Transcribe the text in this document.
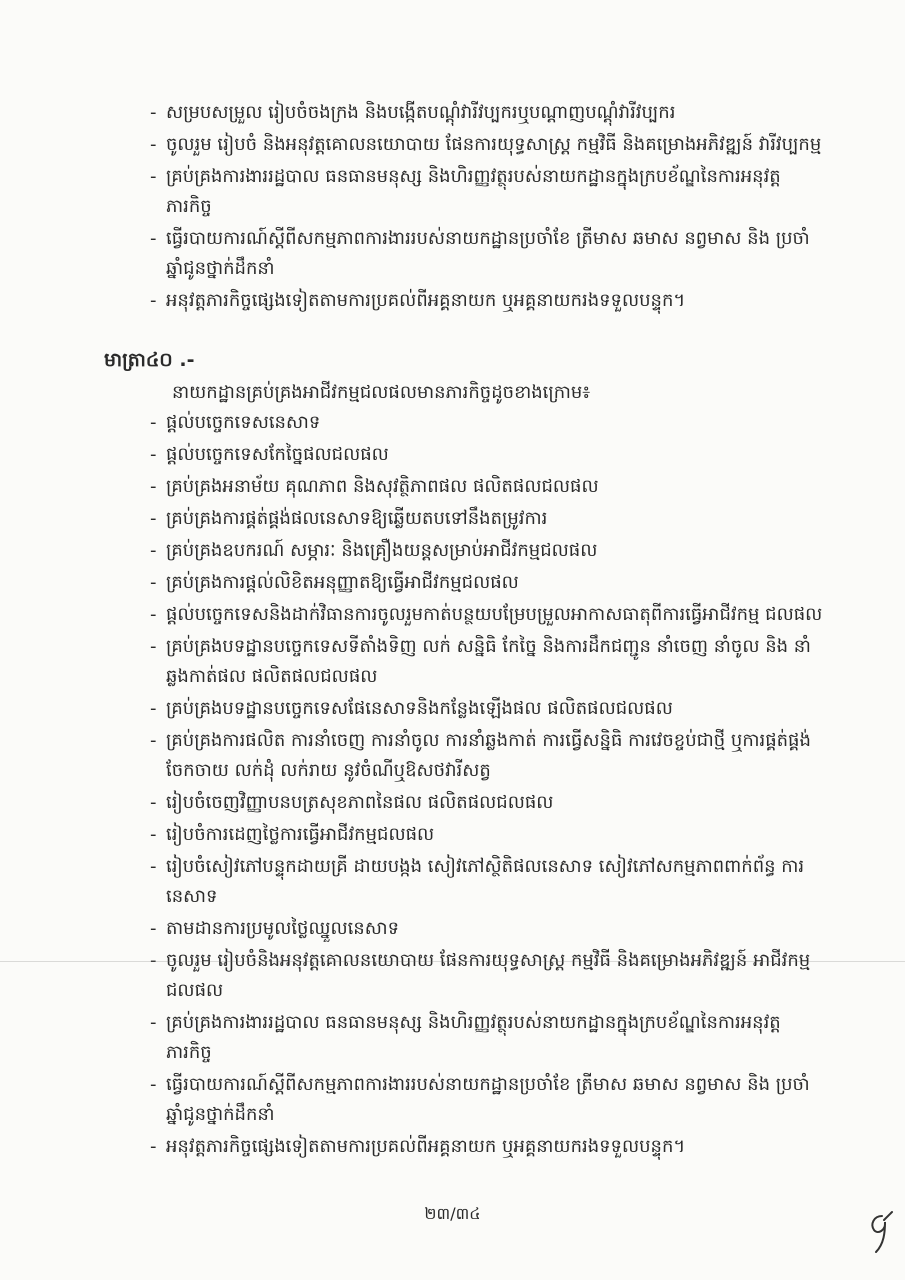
- សម្របសម្រួល រៀបចំចងក្រង និងបង្កើតបណ្តុំវារីវប្បករឬបណ្តាញបណ្តុំវារីវប្បករ
- ចូលរួម រៀបចំ និងអនុវត្តគោលនយោបាយ ផែនការយុទ្ធសាស្ត្រ កម្មវិធី និងគម្រោងអភិវឌ្ឍន៍ វារីវប្បកម្ម
- គ្រប់គ្រងការងាររដ្ឋបាល ធនធានមនុស្ស និងហិរញ្ញវត្ថុរបស់នាយកដ្ឋានក្នុងក្របខ័ណ្ឌនៃការអនុវត្ត ភារកិច្ច
- ធ្វើរបាយការណ៍ស្តីពីសកម្មភាពការងាររបស់នាយកដ្ឋានប្រចាំខែ ត្រីមាស ឆមាស នព្វមាស និង ប្រចាំឆ្នាំជូនថ្នាក់ដឹកនាំ
- អនុវត្តភារកិច្ចផ្សេងទៀតតាមការប្រគល់ពីអគ្គនាយក ឬអគ្គនាយករងទទួលបន្ទុក។
មាត្រា៤០ .-
នាយកដ្ឋានគ្រប់គ្រងអាជីវកម្មជលផលមានភារកិច្ចដូចខាងក្រោម៖
- ផ្តល់បច្ចេកទេសនេសាទ
- ផ្តល់បច្ចេកទេសកែច្នៃផលជលផល
- គ្រប់គ្រងអនាម័យ គុណភាព និងសុវត្ថិភាពផល ផលិតផលជលផល
- គ្រប់គ្រងការផ្គត់ផ្គង់ផលនេសាទឱ្យឆ្លើយតបទៅនឹងតម្រូវការ
- គ្រប់គ្រងឧបករណ៍ សម្ភារៈ និងគ្រឿងយន្តសម្រាប់អាជីវកម្មជលផល
- គ្រប់គ្រងការផ្តល់លិខិតអនុញ្ញាតឱ្យធ្វើអាជីវកម្មជលផល
- ផ្តល់បច្ចេកទេសនិងដាក់វិធានការចូលរួមកាត់បន្ថយបម្រែបម្រួលអាកាសធាតុពីការធ្វើអាជីវកម្ម ជលផល
- គ្រប់គ្រងបទដ្ឋានបច្ចេកទេសទីតាំងទិញ លក់ សន្និធិ កែច្នៃ និងការដឹកជញ្ជូន នាំចេញ នាំចូល និង នាំឆ្លងកាត់ផល ផលិតផលជលផល
- គ្រប់គ្រងបទដ្ឋានបច្ចេកទេសផែនេសាទនិងកន្លែងឡើងផល ផលិតផលជលផល
- គ្រប់គ្រងការផលិត ការនាំចេញ ការនាំចូល ការនាំឆ្លងកាត់ ការធ្វើសន្និធិ ការវេចខ្ចប់ជាថ្មី ឬការផ្គត់ផ្គង់ ចែកចាយ លក់ដុំ លក់រាយ នូវចំណីឬឱសថវារីសត្វ
- រៀបចំចេញវិញ្ញាបនបត្រសុខភាពនៃផល ផលិតផលជលផល
- រៀបចំការដេញថ្លៃការធ្វើអាជីវកម្មជលផល
- រៀបចំសៀវភៅបន្ទុកដាយគ្រី ដាយបង្កង សៀវភៅស្ថិតិផលនេសាទ សៀវភៅសកម្មភាពពាក់ព័ន្ធ ការនេសាទ
- តាមដានការប្រមូលថ្លៃឈ្នួលនេសាទ
- ចូលរួម រៀបចំនិងអនុវត្តគោលនយោបាយ ផែនការយុទ្ធសាស្ត្រ កម្មវិធី និងគម្រោងអភិវឌ្ឍន៍ អាជីវកម្មជលផល
- គ្រប់គ្រងការងាររដ្ឋបាល ធនធានមនុស្ស និងហិរញ្ញវត្ថុរបស់នាយកដ្ឋានក្នុងក្របខ័ណ្ឌនៃការអនុវត្ត ភារកិច្ច
- ធ្វើរបាយការណ៍ស្តីពីសកម្មភាពការងាររបស់នាយកដ្ឋានប្រចាំខែ ត្រីមាស ឆមាស នព្វមាស និង ប្រចាំឆ្នាំជូនថ្នាក់ដឹកនាំ
- អនុវត្តភារកិច្ចផ្សេងទៀតតាមការប្រគល់ពីអគ្គនាយក ឬអគ្គនាយករងទទួលបន្ទុក។
២៣/៣៤
